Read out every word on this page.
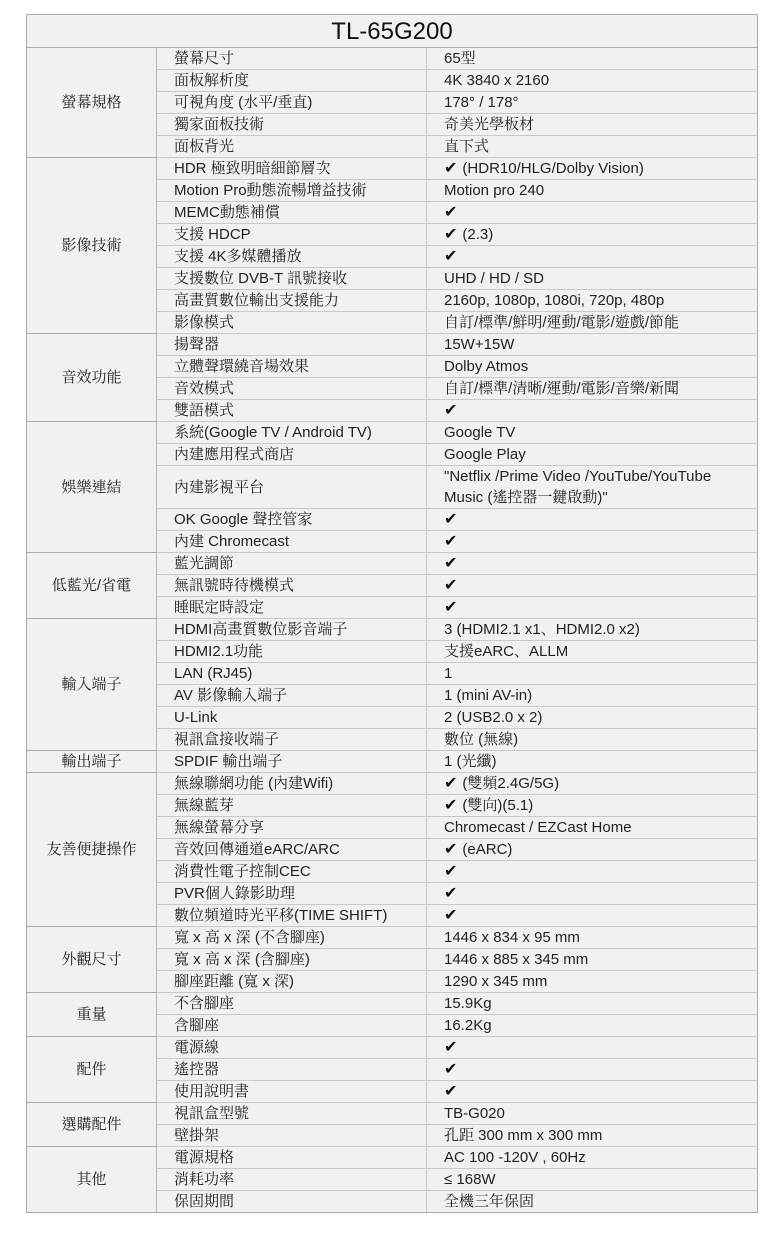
TL-65G200		
螢幕規格	螢幕尺寸	65型
	面板解析度	4K 3840 x 2160
	可視角度 (水平/垂直)	178° / 178°
	獨家面板技術	奇美光學板材
	面板背光	直下式
影像技術	HDR 極致明暗細節層次	✔ (HDR10/HLG/Dolby Vision)
	Motion Pro動態流暢增益技術	Motion pro 240
	MEMC動態補償	✔
	支援 HDCP	✔ (2.3)
	支援 4K多媒體播放	✔
	支援數位 DVB-T 訊號接收	UHD / HD / SD
	高畫質數位輸出支援能力	2160p, 1080p, 1080i, 720p, 480p
	影像模式	自訂/標準/鮮明/運動/電影/遊戲/節能
音效功能	揚聲器	15W+15W
	立體聲環繞音場效果	Dolby Atmos
	音效模式	自訂/標準/清晰/運動/電影/音樂/新聞
	雙語模式	✔
娛樂連結	系統(Google TV / Android TV)	Google TV
	內建應用程式商店	Google Play
	內建影視平台	"Netflix /Prime Video /YouTube/YouTube Music (遙控器一鍵啟動)"
	OK Google 聲控管家	✔
	內建 Chromecast	✔
低藍光/省電	藍光調節	✔
	無訊號時待機模式	✔
	睡眠定時設定	✔
輸入端子	HDMI高畫質數位影音端子	3 (HDMI2.1 x1、HDMI2.0 x2)
	HDMI2.1功能	支援eARC、ALLM
	LAN (RJ45)	1
	AV 影像輸入端子	1 (mini AV-in)
	U-Link	2 (USB2.0 x 2)
	視訊盒接收端子	數位 (無線)
輸出端子	SPDIF 輸出端子	1 (光纖)
友善便捷操作	無線聯網功能 (內建Wifi)	✔ (雙頻2.4G/5G)
	無線藍芽	✔ (雙向)(5.1)
	無線螢幕分享	Chromecast / EZCast Home
	音效回傳通道eARC/ARC	✔ (eARC)
	消費性電子控制CEC	✔
	PVR個人錄影助理	✔
	數位頻道時光平移(TIME SHIFT)	✔
外觀尺寸	寬 x 高 x 深 (不含腳座)	1446 x 834 x 95 mm
	寬 x 高 x 深 (含腳座)	1446 x 885 x 345 mm
	腳座距離 (寬 x 深)	1290 x 345 mm
重量	不含腳座	15.9Kg
	含腳座	16.2Kg
配件	電源線	✔
	遙控器	✔
	使用說明書	✔
選購配件	視訊盒型號	TB-G020
	壁掛架	孔距 300 mm x 300 mm
其他	電源規格	AC 100 -120V , 60Hz
	消耗功率	≤ 168W
	保固期間	全機三年保固
